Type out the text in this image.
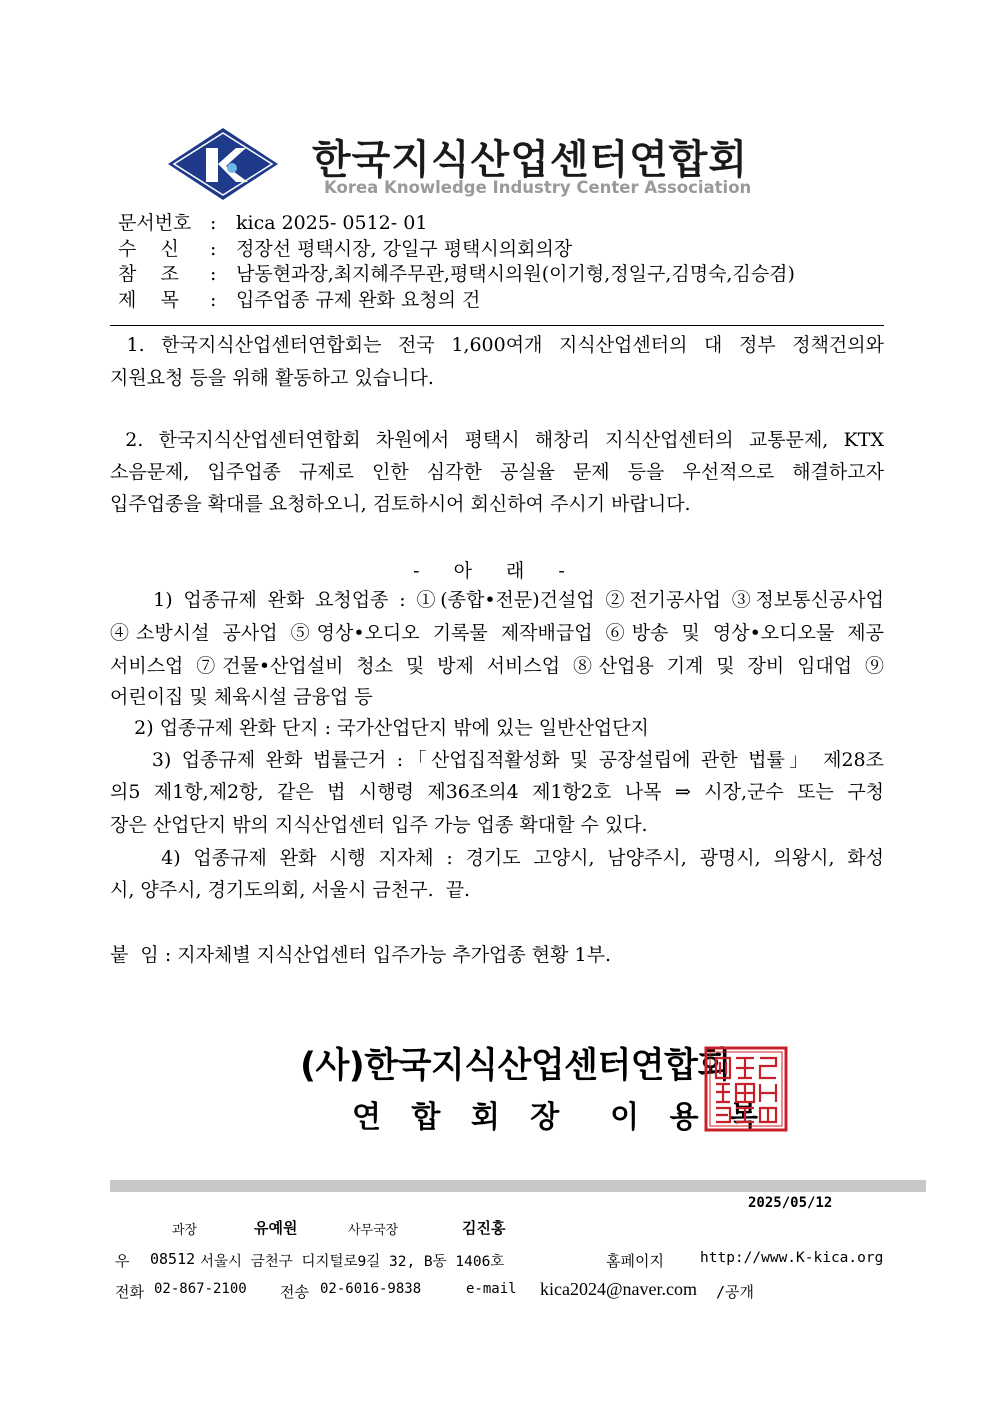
한국지식산업센터연합회
Korea Knowledge Industry Center Association
문서번호 : kica 2025- 0512- 01
수    신 : 정장선 평택시장, 강일구 평택시의회의장
참    조 : 남동현과장,최지혜주무관,평택시의원(이기형,정일구,김명숙,김승겸)
제    목 : 입주업종 규제 완화 요청의 건
1. 한국지식산업센터연합회는 전국 1,600여개 지식산업센터의 대 정부 정책건의와
지원요청 등을 위해 활동하고 있습니다.
2. 한국지식산업센터연합회 차원에서 평택시 해창리 지식산업센터의 교통문제, KTX
소음문제, 입주업종 규제로 인한 심각한 공실율 문제 등을 우선적으로 해결하고자
입주업종을 확대를 요청하오니, 검토하시어 회신하여 주시기 바랍니다.
- 아 래 -
1) 업종규제 완화 요청업종 : ①(종합•전문)건설업 ②전기공사업 ③정보통신공사업
④소방시설 공사업 ⑤영상•오디오 기록물 제작배급업 ⑥방송 및 영상•오디오물 제공
서비스업 ⑦건물•산업설비 청소 및 방제 서비스업 ⑧산업용 기계 및 장비 임대업 ⑨
어린이집 및 체육시설 금융업 등
2) 업종규제 완화 단지 : 국가산업단지 밖에 있는 일반산업단지
3) 업종규제 완화 법률근거 :「산업집적활성화 및 공장설립에 관한 법률」 제28조
의5 제1항,제2항, 같은 법 시행령 제36조의4 제1항2호 나목 ⇒ 시장,군수 또는 구청
장은 산업단지 밖의 지식산업센터 입주 가능 업종 확대할 수 있다.
4) 업종규제 완화 시행 지자체 : 경기도 고양시, 남양주시, 광명시, 의왕시, 화성
시, 양주시, 경기도의회, 서울시 금천구.  끝.
붙  임 : 지자체별 지식산업센터 입주가능 추가업종 현황 1부.
(사)한국지식산업센터연합회
연 합 회 장  이 용 복
2025/05/12
과장	유예원	사무국장	김진홍
우 08512 서울시 금천구 디지털로9길 32, B동 1406호	홈페이지 http://www.K-kica.org
전화 02-867-2100 전송 02-6016-9838	e-mail kica2024@naver.com /공개
